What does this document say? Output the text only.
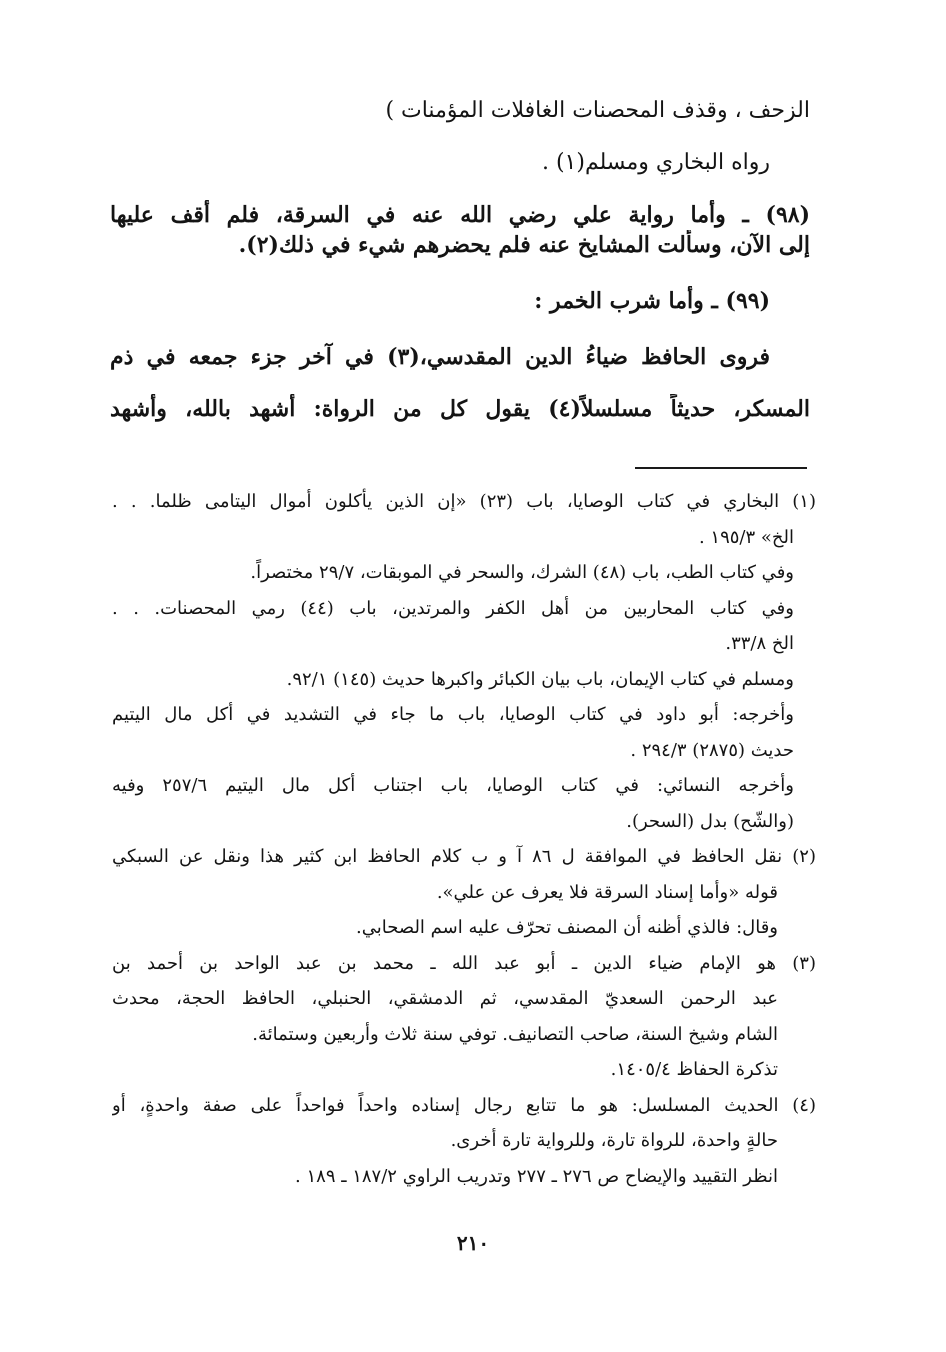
الزحف ، وقذف المحصنات الغافلات المؤمنات )
رواه البخاري ومسلم(١) .
(٩٨) ـ وأما رواية علي رضي الله عنه في السرقة، فلم أقف عليها
إلى الآن، وسألت المشايخ عنه فلم يحضرهم شيء في ذلك(٢).
(٩٩) ـ وأما شرب الخمر :
فروى الحافظ ضياءُ الدين المقدسي،(٣) في آخر جزء جمعه في ذم
المسكر، حديثاً مسلسلاً(٤) يقول كل من الرواة: أشهد بالله، وأُشهد
(١) البخاري في كتاب الوصايا، باب (٢٣) «إن الذين يأكلون أموال اليتامى ظلما. . .
الخ» ١٩٥/٣ .
وفي كتاب الطب، باب (٤٨) الشرك، والسحر في الموبقات، ٢٩/٧ مختصراً.
وفي كتاب المحاربين من أهل الكفر والمرتدين، باب (٤٤) رمي المحصنات. . .
الخ ٣٣/٨.
ومسلم في كتاب الإيمان، باب بيان الكبائر واكبرها حديث (١٤٥) ٩٢/١.
وأخرجه: أبو داود في كتاب الوصايا، باب ما جاء في التشديد في أكل مال اليتيم
حديث (٢٨٧٥) ٢٩٤/٣ .
وأخرجه النسائي: في كتاب الوصايا، باب اجتناب أكل مال اليتيم ٢٥٧/٦ وفيه
(والشّح) بدل (السحر).
(٢) نقل الحافظ في الموافقة ل ٨٦ آ و ب كلام الحافظ ابن كثير هذا ونقل عن السبكي
قوله «وأما إسناد السرقة فلا يعرف عن علي».
وقال: فالذي أظنه أن المصنف تحرّف عليه اسم الصحابي.
(٣) هو الإمام ضياء الدين ـ أبو عبد الله ـ محمد بن عبد الواحد بن أحمد بن
عبد الرحمن السعديّ المقدسي، ثم الدمشقي، الحنبلي، الحافظ الحجة، محدث
الشام وشيخ السنة، صاحب التصانيف. توفي سنة ثلاث وأربعين وستمائة.
تذكرة الحفاظ ١٤٠٥/٤.
(٤) الحديث المسلسل: هو ما تتابع رجال إسناده واحداً فواحداً على صفة واحدةٍ، أو
حالةٍ واحدة، للرواة تارة، وللرواية تارة أخرى.
انظر التقييد والإيضاح ص ٢٧٦ ـ ٢٧٧ وتدريب الراوي ١٨٧/٢ ـ ١٨٩ .
٢١٠
